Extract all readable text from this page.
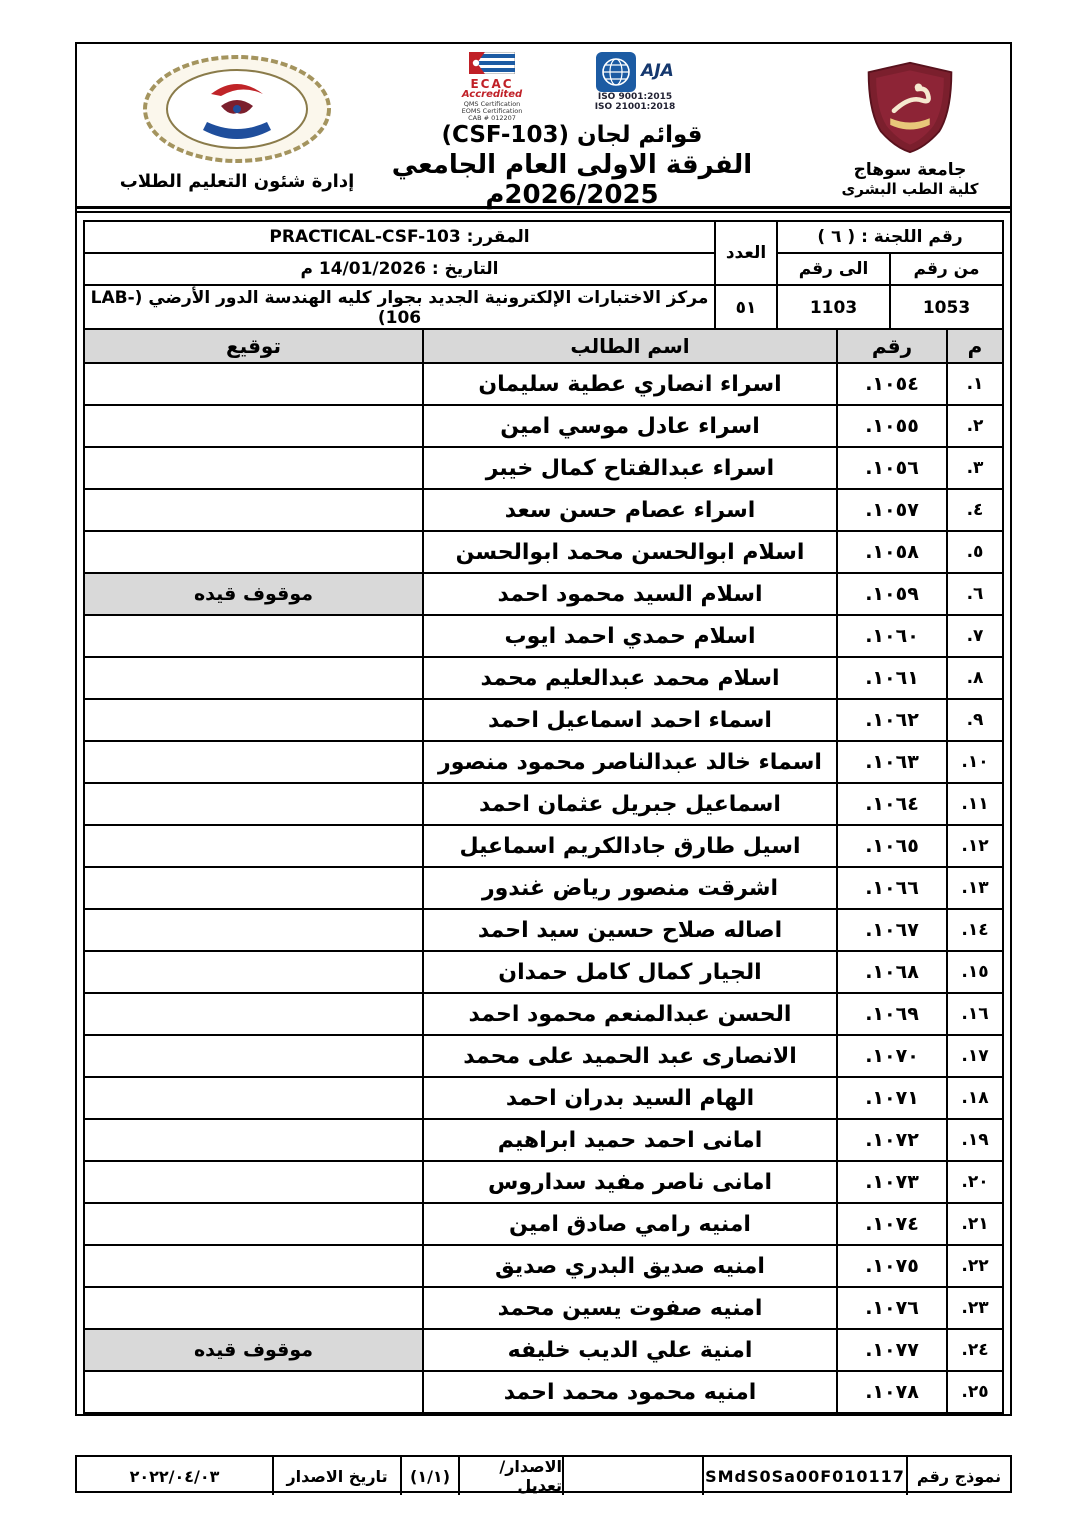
إدارة شئون التعليم الطلاب
ECAC
Accredited
QMS Certification
EOMS Certification
CAB # 012207
AJA
ISO 9001:2015
ISO 21001:2018
قوائم لجان (CSF-103)
الفرقة الاولى العام الجامعي 2026/2025م
جامعة سوهاج
كلية الطب البشرى
رقم اللجنة : ( ٦ )		العدد	المقرر: PRACTICAL-CSF-103
من رقم	الى رقم		التاريخ : 14/01/2026 م
1053	1103	٥١	مركز الاختبارات الإلكترونية الجديد بجوار كليه الهندسة الدور الأرضي (LAB-106)
م	رقم	اسم الطالب	توقيع
١.	١٠٥٤.	اسراء انصاري عطية سليمان	
٢.	١٠٥٥.	اسراء عادل موسي امين	
٣.	١٠٥٦.	اسراء عبدالفتاح كمال خيبر	
٤.	١٠٥٧.	اسراء عصام حسن سعد	
٥.	١٠٥٨.	اسلام ابوالحسن محمد ابوالحسن	
٦.	١٠٥٩.	اسلام السيد محمود احمد	موقوف قيده
٧.	١٠٦٠.	اسلام حمدي احمد ايوب	
٨.	١٠٦١.	اسلام محمد عبدالعليم محمد	
٩.	١٠٦٢.	اسماء احمد اسماعيل احمد	
١٠.	١٠٦٣.	اسماء خالد عبدالناصر محمود منصور	
١١.	١٠٦٤.	اسماعيل جبريل عثمان احمد	
١٢.	١٠٦٥.	اسيل طارق جادالكريم اسماعيل	
١٣.	١٠٦٦.	اشرقت منصور رياض غندور	
١٤.	١٠٦٧.	اصاله صلاح حسين سيد احمد	
١٥.	١٠٦٨.	الجيار كمال كامل حمدان	
١٦.	١٠٦٩.	الحسن عبدالمنعم محمود احمد	
١٧.	١٠٧٠.	الانصارى عبد الحميد على محمد	
١٨.	١٠٧١.	الهام السيد بدران احمد	
١٩.	١٠٧٢.	امانى احمد حميد ابراهيم	
٢٠.	١٠٧٣.	امانى ناصر مفيد سداروس	
٢١.	١٠٧٤.	امنيه رامي صادق امين	
٢٢.	١٠٧٥.	امنيه صديق البدري صديق	
٢٣.	١٠٧٦.	امنيه صفوت يسين محمد	
٢٤.	١٠٧٧.	امنية علي الديب خليفه	موقوف قيده
٢٥.	١٠٧٨.	امنيه محمود محمد احمد	
نموذج رقم
SMdS0Sa00F010117
الاصدار/تعديل
(١/١)
تاريخ الاصدار
٢٠٢٢/٠٤/٠٣
